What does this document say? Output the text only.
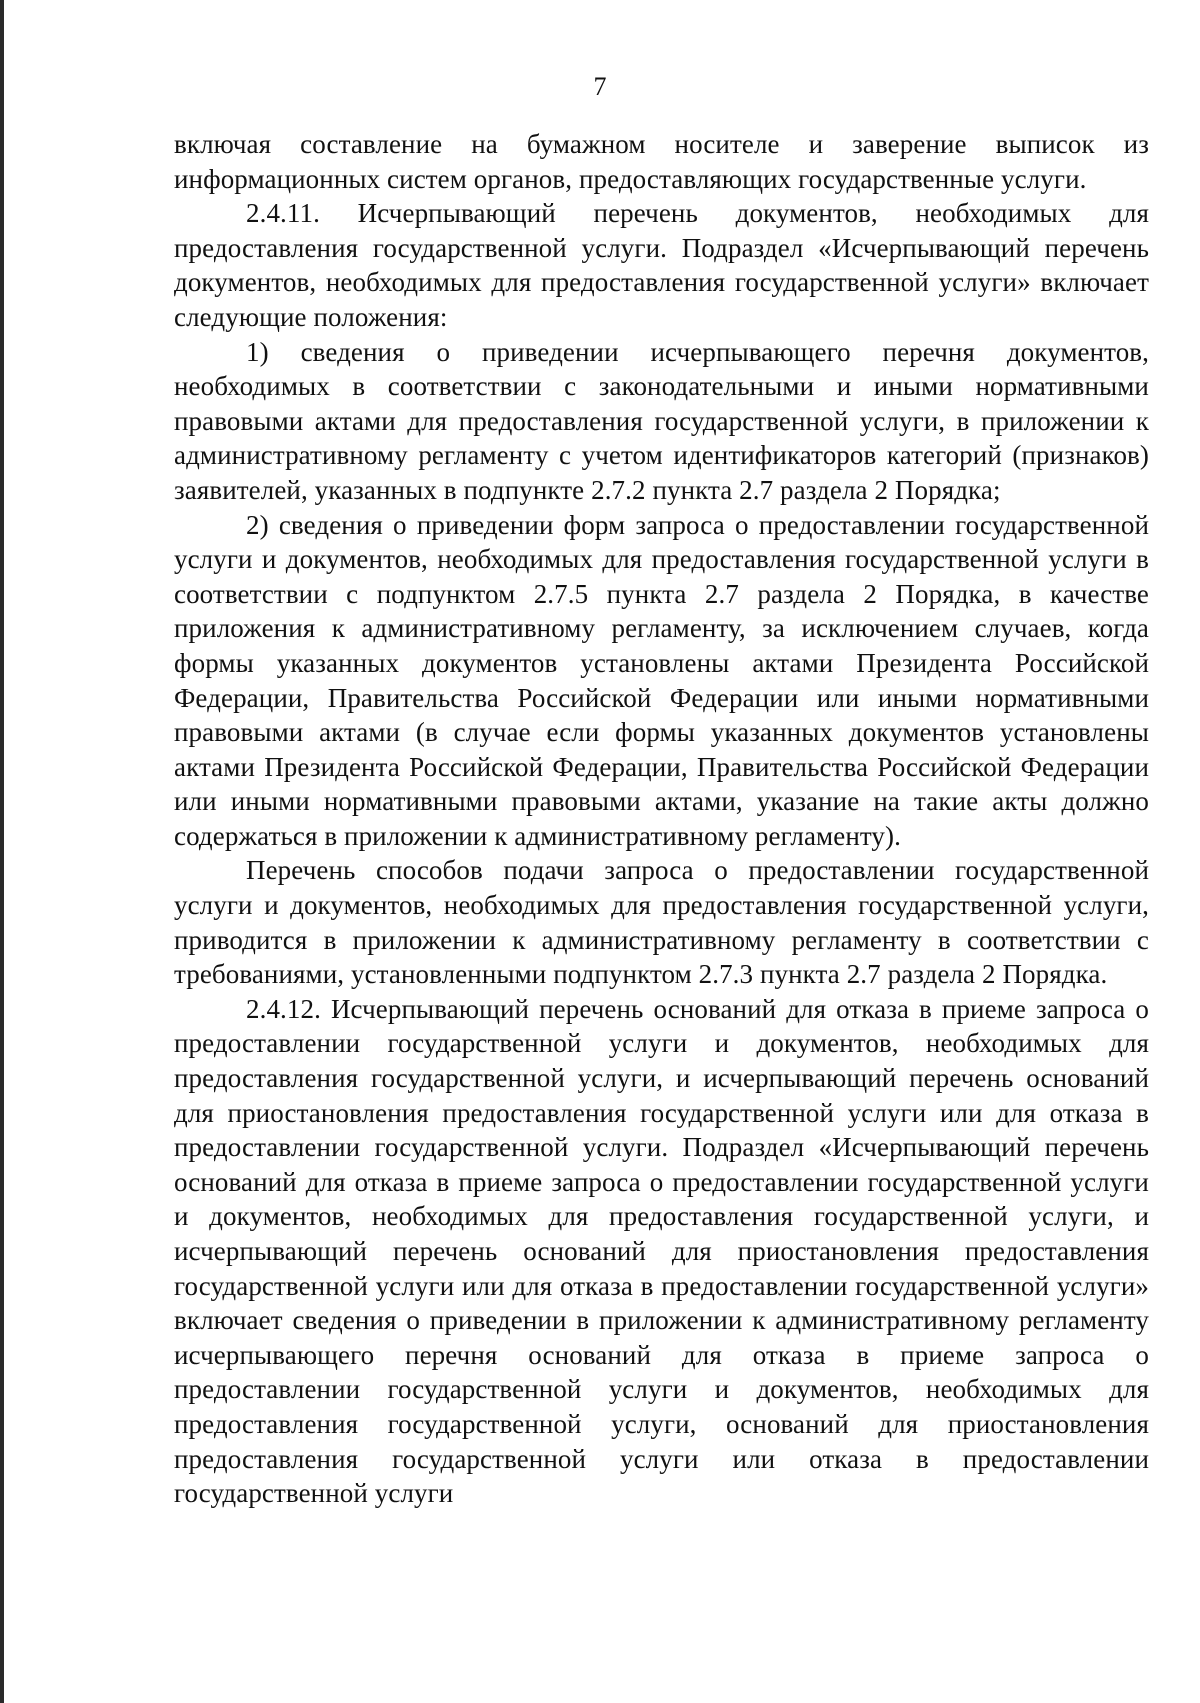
7

включая составление на бумажном носителе и заверение выписок из информационных систем органов, предоставляющих государственные услуги.

2.4.11. Исчерпывающий перечень документов, необходимых для предоставления государственной услуги. Подраздел «Исчерпывающий перечень документов, необходимых для предоставления государственной услуги» включает следующие положения:

1) сведения о приведении исчерпывающего перечня документов, необходимых в соответствии с законодательными и иными нормативными правовыми актами для предоставления государственной услуги, в приложении к административному регламенту с учетом идентификаторов категорий (признаков) заявителей, указанных в подпункте 2.7.2 пункта 2.7 раздела 2 Порядка;

2) сведения о приведении форм запроса о предоставлении государственной услуги и документов, необходимых для предоставления государственной услуги в соответствии с подпунктом 2.7.5 пункта 2.7 раздела 2 Порядка, в качестве приложения к административному регламенту, за исключением случаев, когда формы указанных документов установлены актами Президента Российской Федерации, Правительства Российской Федерации или иными нормативными правовыми актами (в случае если формы указанных документов установлены актами Президента Российской Федерации, Правительства Российской Федерации или иными нормативными правовыми актами, указание на такие акты должно содержаться в приложении к административному регламенту).

Перечень способов подачи запроса о предоставлении государственной услуги и документов, необходимых для предоставления государственной услуги, приводится в приложении к административному регламенту в соответствии с требованиями, установленными подпунктом 2.7.3 пункта 2.7 раздела 2 Порядка.

2.4.12. Исчерпывающий перечень оснований для отказа в приеме запроса о предоставлении государственной услуги и документов, необходимых для предоставления государственной услуги, и исчерпывающий перечень оснований для приостановления предоставления государственной услуги или для отказа в предоставлении государственной услуги. Подраздел «Исчерпывающий перечень оснований для отказа в приеме запроса о предоставлении государственной услуги и документов, необходимых для предоставления государственной услуги, и исчерпывающий перечень оснований для приостановления предоставления государственной услуги или для отказа в предоставлении государственной услуги» включает сведения о приведении в приложении к административному регламенту исчерпывающего перечня оснований для отказа в приеме запроса о предоставлении государственной услуги и документов, необходимых для предоставления государственной услуги, оснований для приостановления предоставления государственной услуги или отказа в предоставлении государственной услуги
